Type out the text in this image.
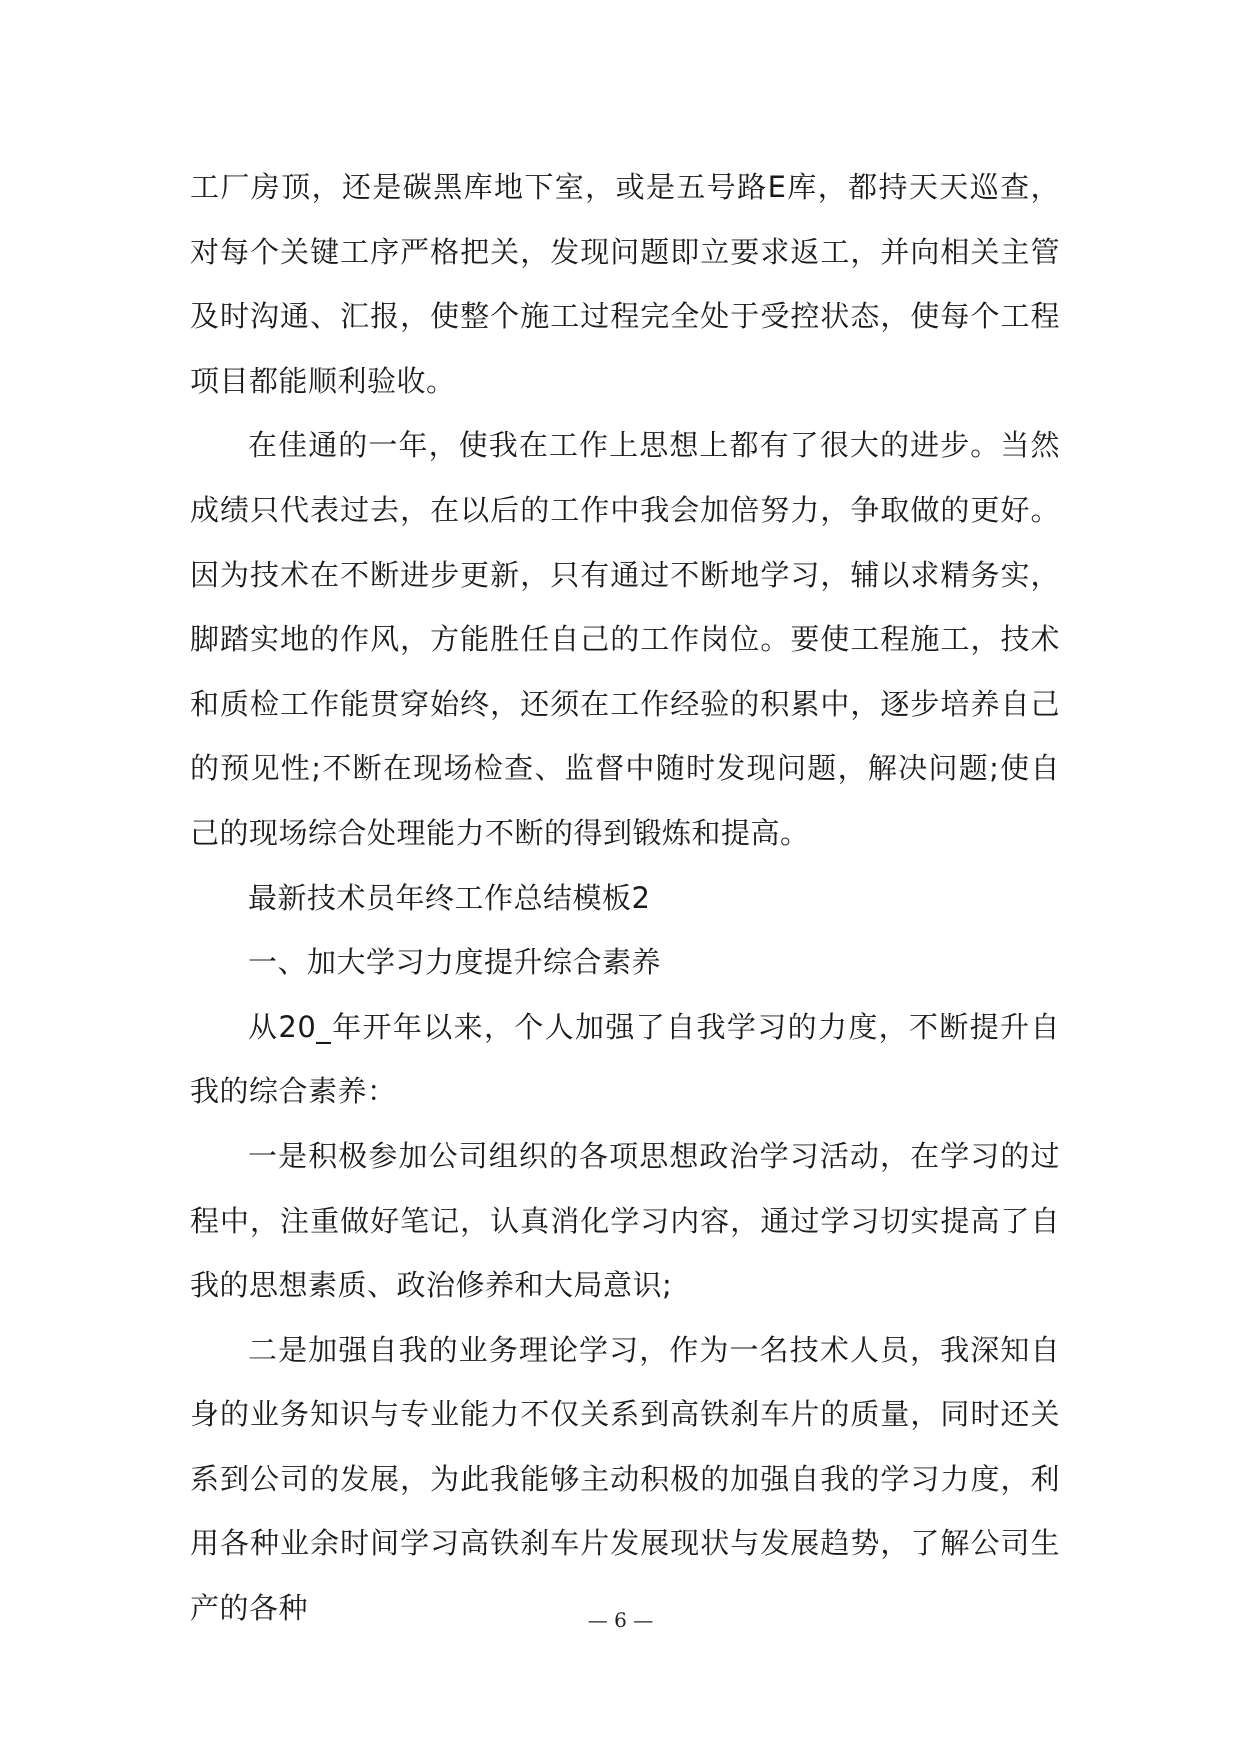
工厂房顶，还是碳黑库地下室，或是五号路E库，都持天天巡查，对每个关键工序严格把关，发现问题即立要求返工，并向相关主管及时沟通、汇报，使整个施工过程完全处于受控状态，使每个工程项目都能顺利验收。

在佳通的一年，使我在工作上思想上都有了很大的进步。当然成绩只代表过去，在以后的工作中我会加倍努力，争取做的更好。因为技术在不断进步更新，只有通过不断地学习，辅以求精务实，脚踏实地的作风，方能胜任自己的工作岗位。要使工程施工，技术和质检工作能贯穿始终，还须在工作经验的积累中，逐步培养自己的预见性;不断在现场检查、监督中随时发现问题，解决问题;使自己的现场综合处理能力不断的得到锻炼和提高。

最新技术员年终工作总结模板2

一、加大学习力度提升综合素养

从20_年开年以来，个人加强了自我学习的力度，不断提升自我的综合素养：

一是积极参加公司组织的各项思想政治学习活动，在学习的过程中，注重做好笔记，认真消化学习内容，通过学习切实提高了自我的思想素质、政治修养和大局意识;

二是加强自我的业务理论学习，作为一名技术人员，我深知自身的业务知识与专业能力不仅关系到高铁刹车片的质量，同时还关系到公司的发展，为此我能够主动积极的加强自我的学习力度，利用各种业余时间学习高铁刹车片发展现状与发展趋势，了解公司生产的各种	— 6 —
